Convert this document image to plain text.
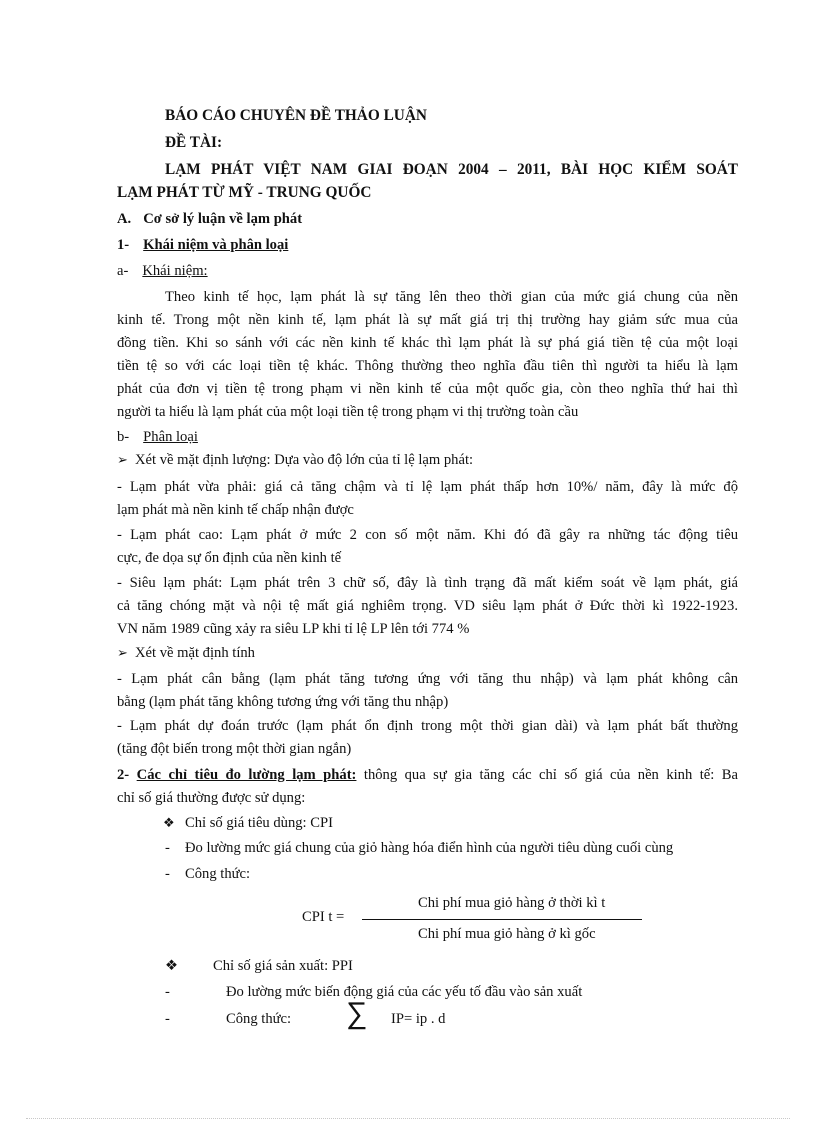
BÁO CÁO CHUYÊN ĐỀ THẢO LUẬN
ĐỀ TÀI:
LẠM PHÁT VIỆT NAM GIAI ĐOẠN 2004 – 2011, BÀI HỌC KIỂM SOÁT
LẠM PHÁT TỪ MỸ - TRUNG QUỐC
A. Cơ sở lý luận về lạm phát
1- Khái niệm và phân loại
a- Khái niệm:
Theo kinh tế học, lạm phát là sự tăng lên theo thời gian của mức giá chung của nền
kinh tế. Trong một nền kinh tế, lạm phát là sự mất giá trị thị trường hay giảm sức mua của
đồng tiền. Khi so sánh với các nền kinh tế khác thì lạm phát là sự phá giá tiền tệ của một loại
tiền tệ so với các loại tiền tệ khác. Thông thường theo nghĩa đầu tiên thì người ta hiểu là lạm
phát của đơn vị tiền tệ trong phạm vi nền kinh tế của một quốc gia, còn theo nghĩa thứ hai thì
người ta hiểu là lạm phát của một loại tiền tệ trong phạm vi thị trường toàn cầu
b- Phân loại
➢ Xét về mặt định lượng: Dựa vào độ lớn của tỉ lệ lạm phát:
- Lạm phát vừa phải: giá cả tăng chậm và tỉ lệ lạm phát thấp hơn 10%/ năm, đây là mức độ
lạm phát mà nền kinh tế chấp nhận được
- Lạm phát cao: Lạm phát ở mức 2 con số một năm. Khi đó đã gây ra những tác động tiêu
cực, đe dọa sự ổn định của nền kinh tế
- Siêu lạm phát: Lạm phát trên 3 chữ số, đây là tình trạng đã mất kiểm soát về lạm phát, giá
cả tăng chóng mặt và nội tệ mất giá nghiêm trọng. VD siêu lạm phát ở Đức thời kì 1922-1923.
VN năm 1989 cũng xảy ra siêu LP khi tỉ lệ LP lên tới 774 %
➢ Xét về mặt định tính
- Lạm phát cân bằng (lạm phát tăng tương ứng với tăng thu nhập) và lạm phát không cân
bằng (lạm phát tăng không tương ứng với tăng thu nhập)
- Lạm phát dự đoán trước (lạm phát ổn định trong một thời gian dài) và lạm phát bất thường
(tăng đột biến trong một thời gian ngắn)
2- Các chỉ tiêu đo lường lạm phát: thông qua sự gia tăng các chỉ số giá của nền kinh tế: Ba
chỉ số giá thường được sử dụng:
❖ Chỉ số giá tiêu dùng: CPI
- Đo lường mức giá chung của giỏ hàng hóa điển hình của người tiêu dùng cuối cùng
- Công thức:
Chi phí mua giỏ hàng ở thời kì t
CPI t =
Chi phí mua giỏ hàng ở kì gốc
❖ Chỉ số giá sản xuất: PPI
-	Đo lường mức biến động giá của các yếu tố đầu vào sản xuất
-	Công thức: ∑ IP= ip . d
